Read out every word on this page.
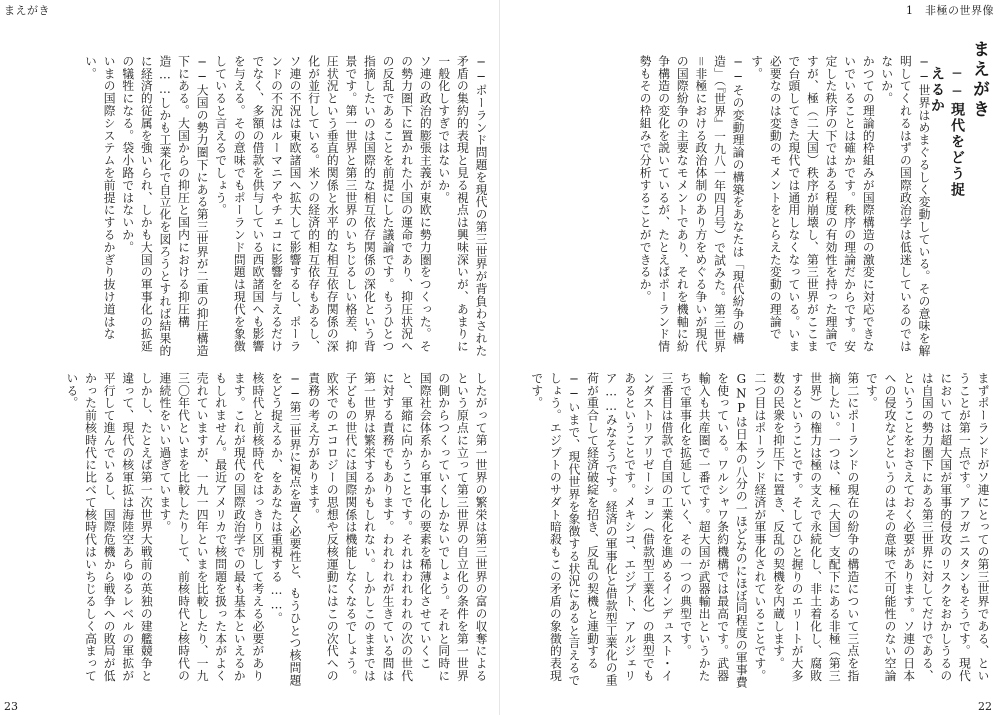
まえがき

──ポーランド問題を現代の第三世界が背負わされた矛盾の集約的表現と見る視点は興味深いが、あまりに一般化しすぎではないか。

ソ連の政治的膨張主義が東欧に勢力圏をつくった。その勢力圏下に置かれた小国の運命であり、抑圧状況への反乱であることを前提にした議論です。もうひとつ指摘したいのは国際的な相互依存関係の深化という背景です。第一世界と第三世界のいちじるしい格差、抑圧状況という垂直的関係と水平的な相互依存関係の深化が並行している。米ソの経済的相互依存もあるし、ソ連の不況は東欧諸国へ拡大して影響するし、ポーランドの不況はルーマニアやチェコに影響を与えるだけでなく、多額の借款を供与している西欧諸国へも影響を与える。その意味でもポーランド問題は現代を象徴していると言えるでしょう。

──大国の勢力圏下にある第三世界が二重の抑圧構造下にある。大国からの抑圧と国内における抑圧構造……しかも工業化で自立化を図ろうとすれば結果的に経済的従属を強いられ、しかも大国の軍事化の拡延の犠牲になる。袋小路ではないか。

いまの国際システムを前提にするかぎり抜け道はない。

したがって第一世界の繁栄は第三世界の富の収奪によるという原点に立って第三世界の自立化の条件を第一世界の側からつくっていくしかないでしょう。それと同時に国際社会体系から軍事化の要素を稀薄化させていくこと、軍縮に向かうことです。それはわれわれの次の世代に対する責務でもあります。われわれが生きている間は第一世界は繁栄するかもしれない。しかしこのままでは子どもの世代には国際関係は機能しなくなるでしょう。欧米でのエコロジーの思想や反核運動にはこの次代への責務の考え方があります。

──第三世界に視点を置く必要性と、もうひとつ核問題をどう捉えるか、をあなたは重視する……。

核時代と前核時代をはっきり区別して考える必要があります。これが現代の国際政治学での最も基本といえるかもしれません。最近アメリカで核問題を扱った本がよく売れていますが、一九一四年といまを比較したり、一九三〇年代といまを比較したりして、前核時代と核時代の連続性をいい過ぎています。

しかし、たとえば第一次世界大戦前の英独の建艦競争と違って、現代の核軍拡は海陸空あらゆるレベルの軍拡が平行して進んでいるし、国際危機から戦争への敗局が低かった前核時代に比べて核時代はいちじるしく高まっている。

23
1　非極の世界像
まえがき
──現代をどう捉えるか

──世界はめまぐるしく変動している。その意味を解明してくれるはずの国際政治学は低迷しているのではないか。

かつての理論的枠組みが国際構造の激変に対応できないでいることは確かです。秩序の理論だからです。安定した秩序の下ではある程度の有効性を持った理論ですが、極（二大国）秩序が崩壊し、第三世界がここまで台頭してきた現代では通用しなくなっている。いま必要なのは変動のモメントをとらえた変動の理論です。

──その変動理論の構築をあなたは「現代紛争の構造」（『世界』一九八一年四月号）で試みた。第三世界＝非極における政治体制のあり方をめぐる争いが現代の国際紛争の主要なモメントであり、それを機軸に紛争構造の変化を説いているが、たとえばポーランド情勢もその枠組みで分析することができるか。

まずポーランドがソ連にとっての第三世界である、ということが第一点です。アフガニスタンもそうです。現代においては超大国が軍事的侵攻のリスクをおかしうるのは自国の勢力圏下にある第三世界に対してだけである、ということをおさえておく必要があります。ソ連の日本への侵攻などというのはその意味で不可能性のない空論です。

第二にポーランドの現在の紛争の構造について三点を指摘したい。一つは、極（大国）支配下にある非極（第三世界）の権力は極の支えで永続化し、非土着化し、腐敗するということです。そしてひと握りのエリートが大多数の民衆を抑圧下に置き、反乱の契機を内蔵します。

二つ目はポーランド経済が軍事化されていることです。GNPは日本の八分の一ほどなのにほぼ同程度の軍事費を使っている。ワルシャワ条約機構では最高です。武器輸入も共産圏で一番です。超大国が武器輸出というかたちで軍事化を拡延していく、その一つの典型です。

三番目は借款で自国の工業化を進めるインデュスト・インダストリアリゼーション（借款型工業化）の典型でもあるということです。メキシコ、エジプト、アルジェリア……みなそうです。経済の軍事化と借款型工業化の重荷が重合して経済破綻を招き、反乱の契機と連動する──いまで、現代世界を象徴する状況にあると言えるでしょう。エジプトのサダト暗殺もこの矛盾の象徴的表現です。

22
